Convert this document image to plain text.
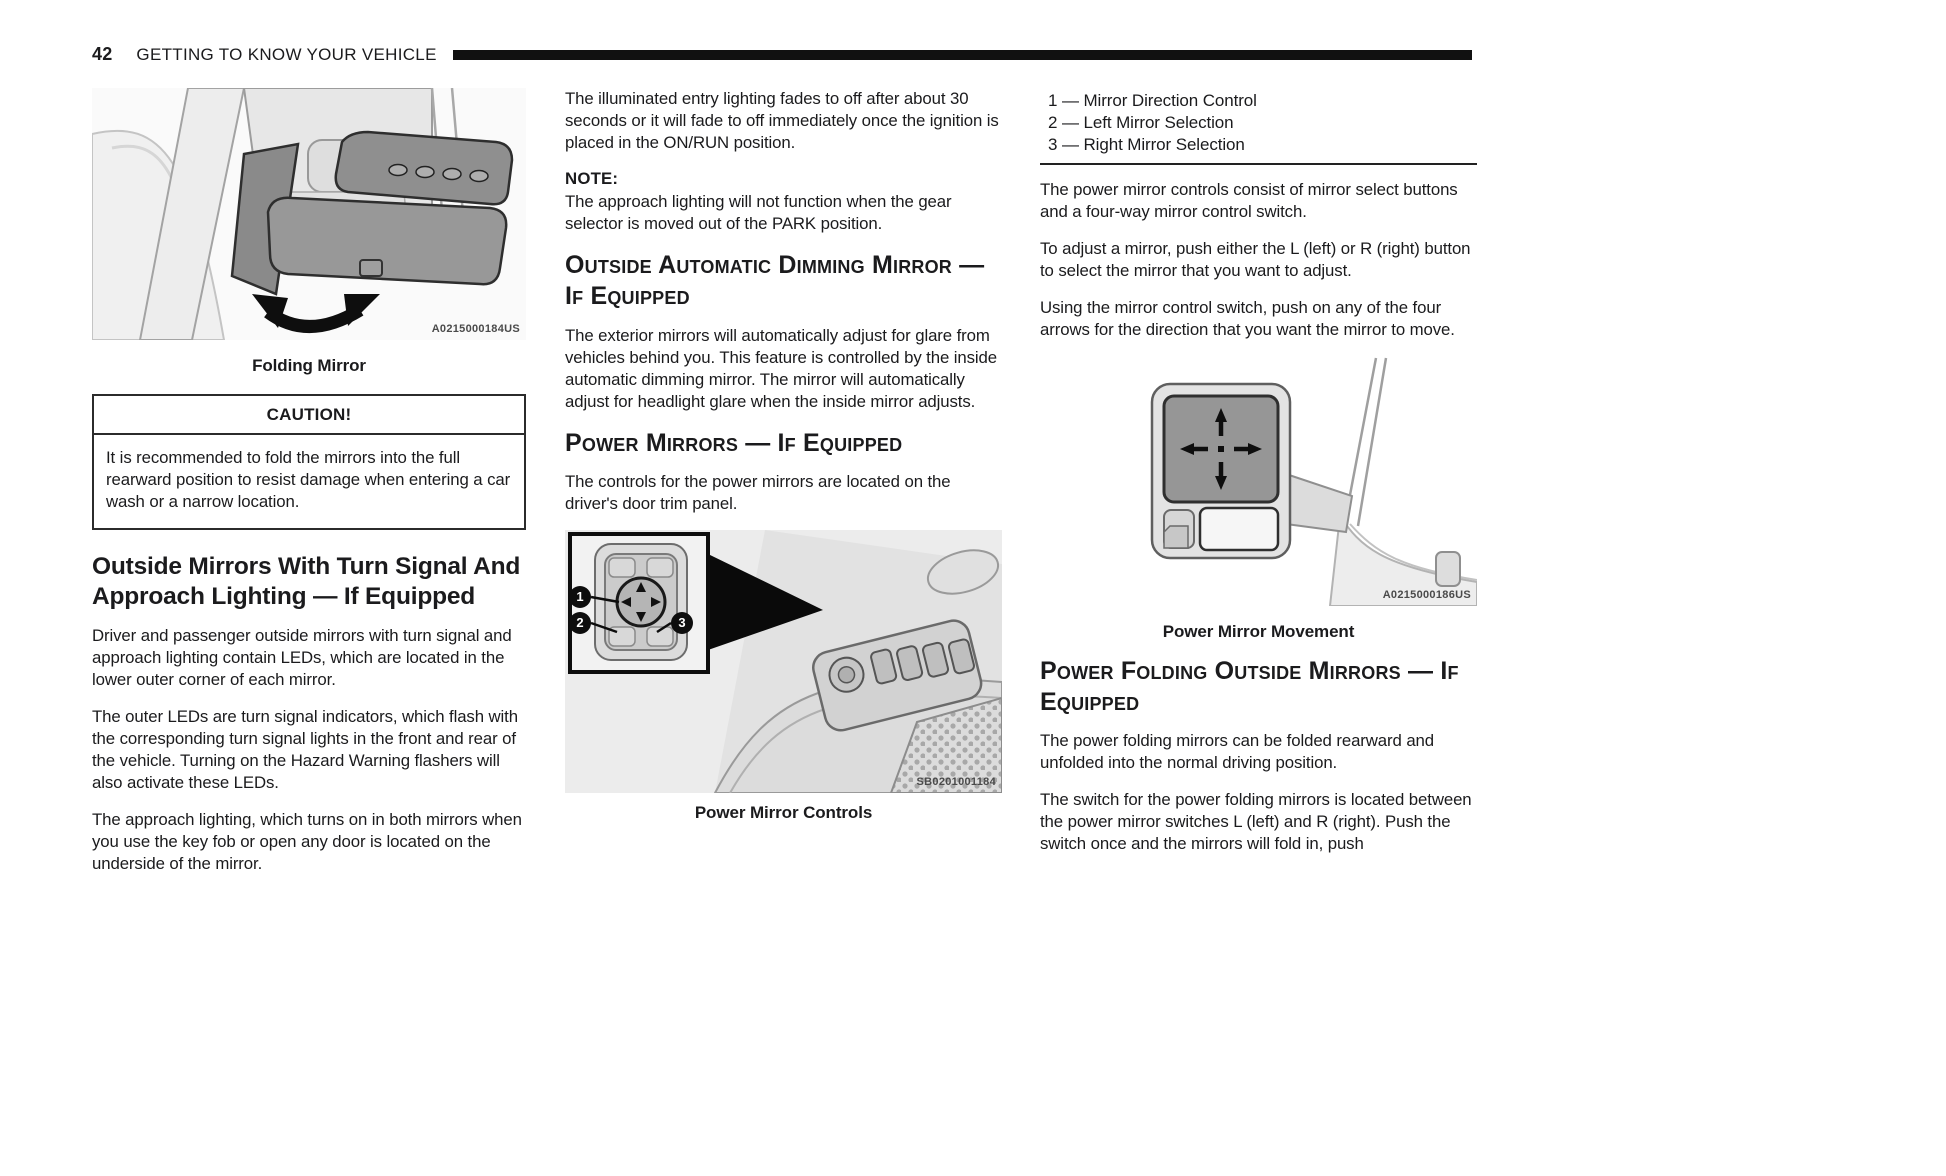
42 GETTING TO KNOW YOUR VEHICLE
A0215000184US
Folding Mirror
CAUTION!
It is recommended to fold the mirrors into the full rearward position to resist damage when entering a car wash or a narrow location.
Outside Mirrors With Turn Signal And Approach Lighting — If Equipped

Driver and passenger outside mirrors with turn signal and approach lighting contain LEDs, which are located in the lower outer corner of each mirror.

The outer LEDs are turn signal indicators, which flash with the corresponding turn signal lights in the front and rear of the vehicle. Turning on the Hazard Warning flashers will also activate these LEDs.

The approach lighting, which turns on in both mirrors when you use the key fob or open any door is located on the underside of the mirror.

The illuminated entry lighting fades to off after about 30 seconds or it will fade to off immediately once the ignition is placed in the ON/RUN position.

NOTE:

The approach lighting will not function when the gear selector is moved out of the PARK position.

Outside Automatic Dimming Mirror — If Equipped

The exterior mirrors will automatically adjust for glare from vehicles behind you. This feature is controlled by the inside automatic dimming mirror. The mirror will automatically adjust for headlight glare when the inside mirror adjusts.

Power Mirrors — If Equipped

The controls for the power mirrors are located on the driver's door trim panel.

1
2	3
SB0201001184
Power Mirror Controls
1 — Mirror Direction Control
2 — Left Mirror Selection
3 — Right Mirror Selection

The power mirror controls consist of mirror select buttons and a four-way mirror control switch.

To adjust a mirror, push either the L (left) or R (right) button to select the mirror that you want to adjust.

Using the mirror control switch, push on any of the four arrows for the direction that you want the mirror to move.

A0215000186US
Power Mirror Movement
Power Folding Outside Mirrors — If Equipped

The power folding mirrors can be folded rearward and unfolded into the normal driving position.

The switch for the power folding mirrors is located between the power mirror switches L (left) and R (right). Push the switch once and the mirrors will fold in, push
